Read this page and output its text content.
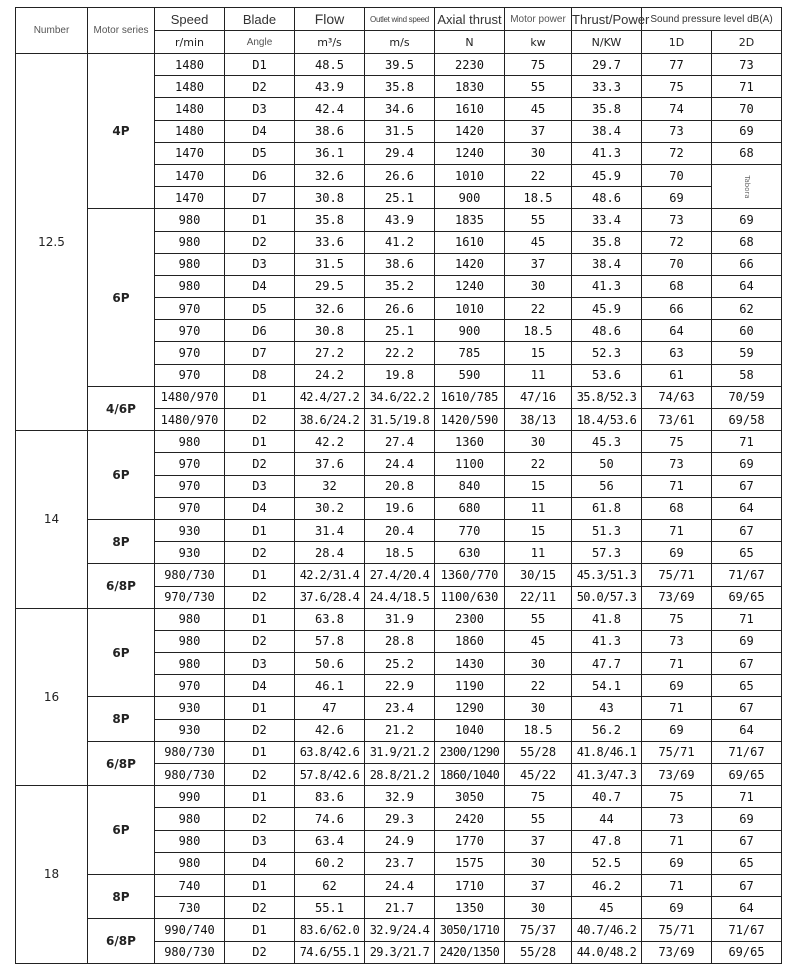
Number	Motor series	Speed	Blade	Flow	Outlet wind speed	Axial thrust	Motor power	Thrust/Power	Sound pressure level dB(A)	
		r/min	Angle	m³/s	m/s	N	kw	N/KW	1D	2D
12.5	4P	1480	D1	48.5	39.5	2230	75	29.7	77	73
		1480	D2	43.9	35.8	1830	55	33.3	75	71
		1480	D3	42.4	34.6	1610	45	35.8	74	70
		1480	D4	38.6	31.5	1420	37	38.4	73	69
		1470	D5	36.1	29.4	1240	30	41.3	72	68
		1470	D6	32.6	26.6	1010	22	45.9	70	Tabora

		1470	D7	30.8	25.1	900	18.5	48.6	69	
	6P	980	D1	35.8	43.9	1835	55	33.4	73	69
		980	D2	33.6	41.2	1610	45	35.8	72	68
		980	D3	31.5	38.6	1420	37	38.4	70	66
		980	D4	29.5	35.2	1240	30	41.3	68	64
		970	D5	32.6	26.6	1010	22	45.9	66	62
		970	D6	30.8	25.1	900	18.5	48.6	64	60
		970	D7	27.2	22.2	785	15	52.3	63	59
		970	D8	24.2	19.8	590	11	53.6	61	58
	4/6P	1480/970	D1	42.4/27.2	34.6/22.2	1610/785	47/16	35.8/52.3	74/63	70/59
		1480/970	D2	38.6/24.2	31.5/19.8	1420/590	38/13	18.4/53.6	73/61	69/58
14	6P	980	D1	42.2	27.4	1360	30	45.3	75	71
		970	D2	37.6	24.4	1100	22	50	73	69
		970	D3	32	20.8	840	15	56	71	67
		970	D4	30.2	19.6	680	11	61.8	68	64
	8P	930	D1	31.4	20.4	770	15	51.3	71	67
		930	D2	28.4	18.5	630	11	57.3	69	65
	6/8P	980/730	D1	42.2/31.4	27.4/20.4	1360/770	30/15	45.3/51.3	75/71	71/67
		970/730	D2	37.6/28.4	24.4/18.5	1100/630	22/11	50.0/57.3	73/69	69/65
16	6P	980	D1	63.8	31.9	2300	55	41.8	75	71
		980	D2	57.8	28.8	1860	45	41.3	73	69
		980	D3	50.6	25.2	1430	30	47.7	71	67
		970	D4	46.1	22.9	1190	22	54.1	69	65
	8P	930	D1	47	23.4	1290	30	43	71	67
		930	D2	42.6	21.2	1040	18.5	56.2	69	64
	6/8P	980/730	D1	63.8/42.6	31.9/21.2	2300/1290	55/28	41.8/46.1	75/71	71/67
		980/730	D2	57.8/42.6	28.8/21.2	1860/1040	45/22	41.3/47.3	73/69	69/65
18	6P	990	D1	83.6	32.9	3050	75	40.7	75	71
		980	D2	74.6	29.3	2420	55	44	73	69
		980	D3	63.4	24.9	1770	37	47.8	71	67
		980	D4	60.2	23.7	1575	30	52.5	69	65
	8P	740	D1	62	24.4	1710	37	46.2	71	67
		730	D2	55.1	21.7	1350	30	45	69	64
	6/8P	990/740	D1	83.6/62.0	32.9/24.4	3050/1710	75/37	40.7/46.2	75/71	71/67
		980/730	D2	74.6/55.1	29.3/21.7	2420/1350	55/28	44.0/48.2	73/69	69/65
